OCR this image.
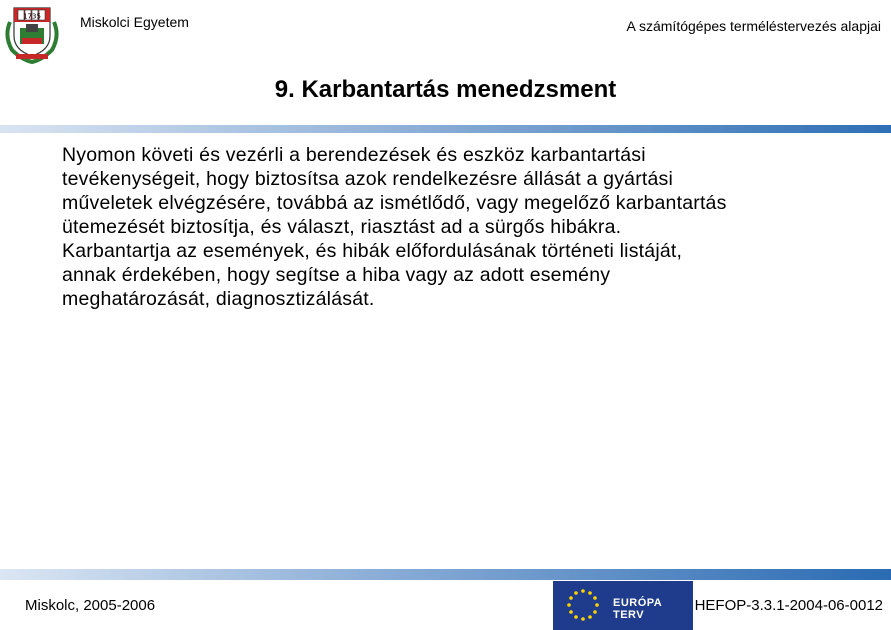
1735	Miskolci Egyetem	A számítógépes terméléstervezés alapjai
9. Karbantartás menedzsment
Nyomon követi és vezérli a berendezések és eszköz karbantartási
tevékenységeit, hogy biztosítsa azok rendelkezésre állását a gyártási
műveletek elvégzésére, továbbá az ismétlődő, vagy megelőző karbantartás
ütemezését biztosítja, és választ, riasztást ad a sürgős hibákra.
Karbantartja az események, és hibák előfordulásának történeti listáját,
annak érdekében, hogy segítse a hiba vagy az adott esemény
meghatározását, diagnosztizálását.
Miskolc, 2005-2006	EURÓPA TERV
HEFOP-3.3.1-2004-06-0012
